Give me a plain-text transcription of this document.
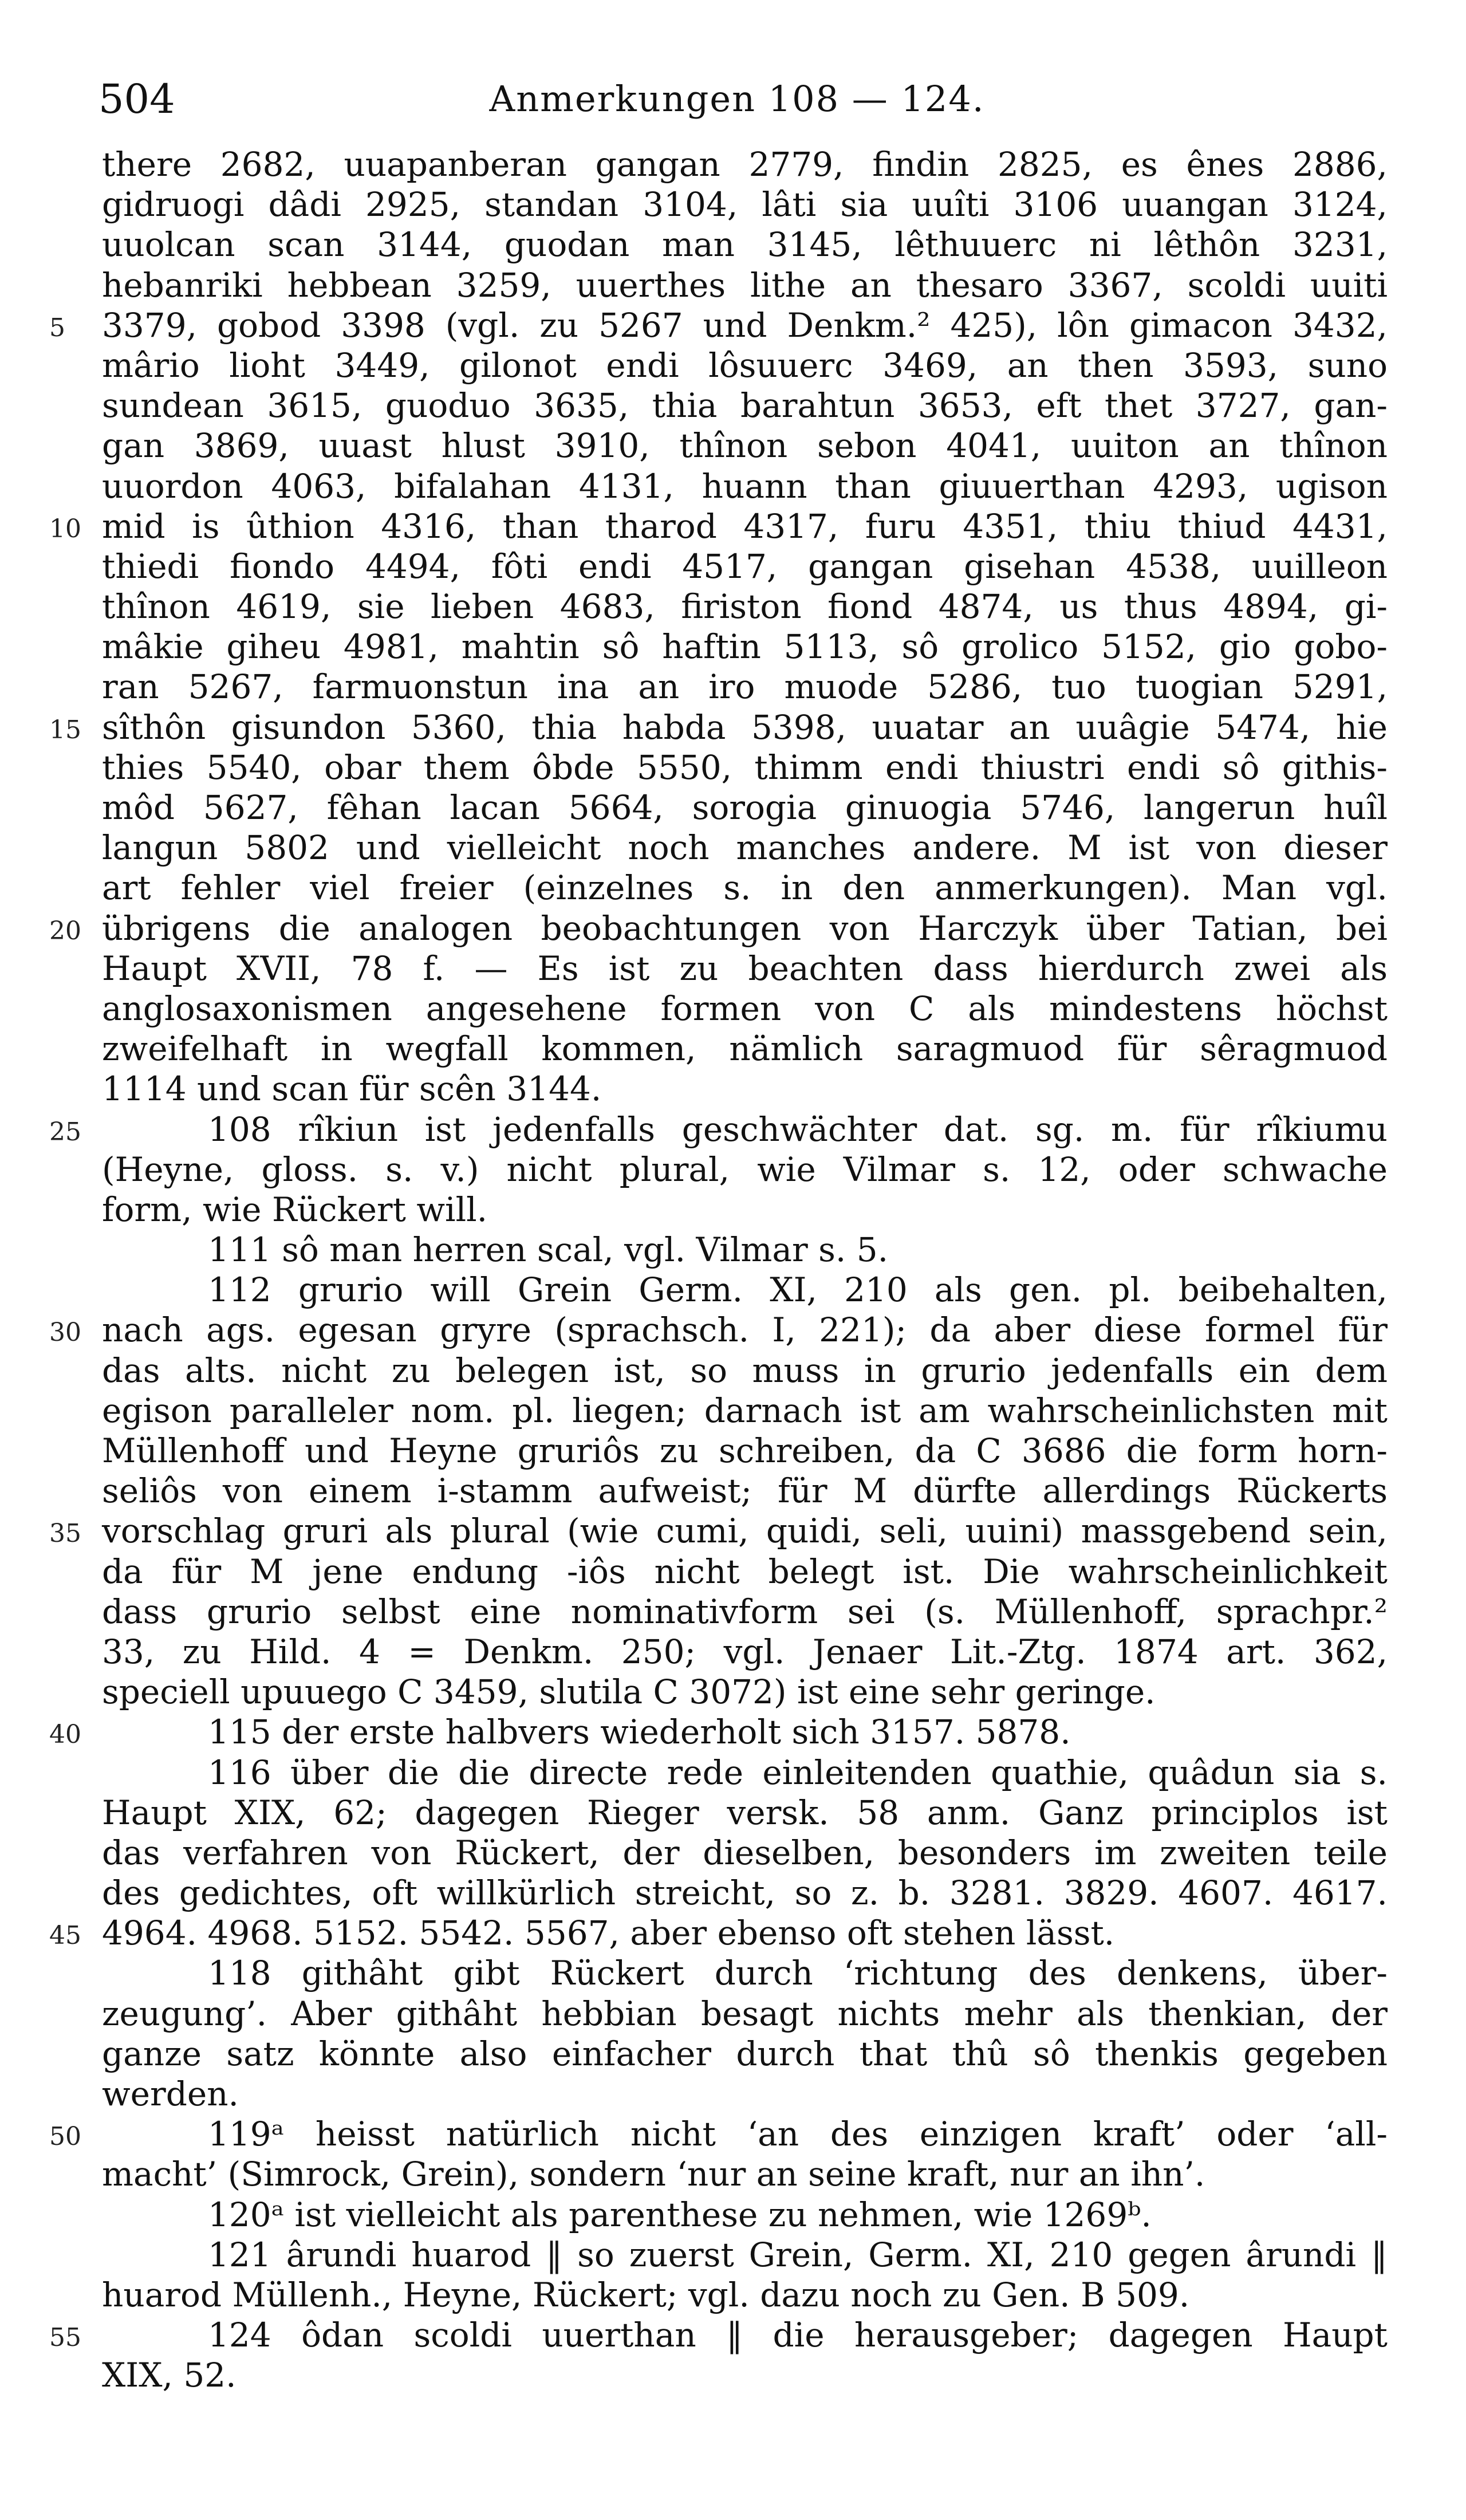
504	Anmerkungen 108 — 124.
there 2682, uuapanberan gangan 2779, findin 2825, es ênes 2886,
gidruogi dâdi 2925, standan 3104, lâti sia uuîti 3106 uuangan 3124,
uuolcan scan 3144, guodan man 3145, lêthuuerc ni lêthôn 3231,
hebanriki hebbean 3259, uuerthes lithe an thesaro 3367, scoldi uuiti
5 3379, gobod 3398 (vgl. zu 5267 und Denkm.² 425), lôn gimacon 3432,
mârio lioht 3449, gilonot endi lôsuuerc 3469, an then 3593, suno
sundean 3615, guoduo 3635, thia barahtun 3653, eft thet 3727, gan-
gan 3869, uuast hlust 3910, thînon sebon 4041, uuiton an thînon
uuordon 4063, bifalahan 4131, huann than giuuerthan 4293, ugison
10 mid is ûthion 4316, than tharod 4317, furu 4351, thiu thiud 4431,
thiedi fiondo 4494, fôti endi 4517, gangan gisehan 4538, uuilleon
thînon 4619, sie lieben 4683, firiston fiond 4874, us thus 4894, gi-
mâkie giheu 4981, mahtin sô haftin 5113, sô grolico 5152, gio gobo-
ran 5267, farmuonstun ina an iro muode 5286, tuo tuogian 5291,
15 sîthôn gisundon 5360, thia habda 5398, uuatar an uuâgie 5474, hie
thies 5540, obar them ôbde 5550, thimm endi thiustri endi sô githis-
môd 5627, fêhan lacan 5664, sorogia ginuogia 5746, langerun huîl
langun 5802 und vielleicht noch manches andere. M ist von dieser
art fehler viel freier (einzelnes s. in den anmerkungen). Man vgl.
20 übrigens die analogen beobachtungen von Harczyk über Tatian, bei
Haupt XVII, 78 f. — Es ist zu beachten dass hierdurch zwei als
anglosaxonismen angesehene formen von C als mindestens höchst
zweifelhaft in wegfall kommen, nämlich saragmuod für sêragmuod
1114 und scan für scên 3144.
25	108 rîkiun ist jedenfalls geschwächter dat. sg. m. für rîkiumu
(Heyne, gloss. s. v.) nicht plural, wie Vilmar s. 12, oder schwache
form, wie Rückert will.
111 sô man herren scal, vgl. Vilmar s. 5.
112 grurio will Grein Germ. XI, 210 als gen. pl. beibehalten,
30 nach ags. egesan gryre (sprachsch. I, 221); da aber diese formel für
das alts. nicht zu belegen ist, so muss in grurio jedenfalls ein dem
egison paralleler nom. pl. liegen; darnach ist am wahrscheinlichsten mit
Müllenhoff und Heyne gruriôs zu schreiben, da C 3686 die form horn-
seliôs von einem i-stamm aufweist; für M dürfte allerdings Rückerts
35 vorschlag gruri als plural (wie cumi, quidi, seli, uuini) massgebend sein,
da für M jene endung -iôs nicht belegt ist. Die wahrscheinlichkeit
dass grurio selbst eine nominativform sei (s. Müllenhoff, sprachpr.²
33, zu Hild. 4 = Denkm. 250; vgl. Jenaer Lit.-Ztg. 1874 art. 362,
speciell upuuego C 3459, slutila C 3072) ist eine sehr geringe.
40	115 der erste halbvers wiederholt sich 3157. 5878.
116 über die die directe rede einleitenden quathie, quâdun sia s.
Haupt XIX, 62; dagegen Rieger versk. 58 anm. Ganz principlos ist
das verfahren von Rückert, der dieselben, besonders im zweiten teile
des gedichtes, oft willkürlich streicht, so z. b. 3281. 3829. 4607. 4617.
45 4964. 4968. 5152. 5542. 5567, aber ebenso oft stehen lässt.
118 githâht gibt Rückert durch ‘richtung des denkens, über-
zeugung’. Aber githâht hebbian besagt nichts mehr als thenkian, der
ganze satz könnte also einfacher durch that thû sô thenkis gegeben
werden.
50	119ᵃ heisst natürlich nicht ‘an des einzigen kraft’ oder ‘all-
macht’ (Simrock, Grein), sondern ‘nur an seine kraft, nur an ihn’.
120ᵃ ist vielleicht als parenthese zu nehmen, wie 1269ᵇ.
121 ârundi huarod ‖ so zuerst Grein, Germ. XI, 210 gegen ârundi ‖
huarod Müllenh., Heyne, Rückert; vgl. dazu noch zu Gen. B 509.
55	124 ôdan scoldi uuerthan ‖ die herausgeber; dagegen Haupt
XIX, 52.
